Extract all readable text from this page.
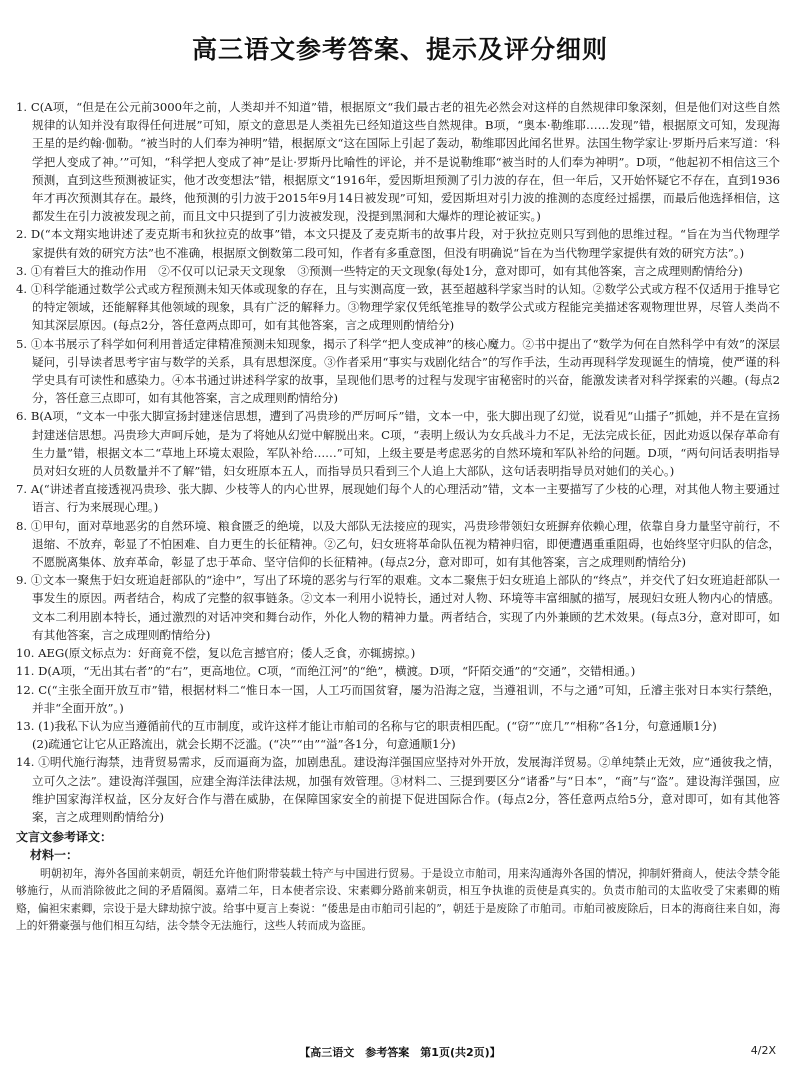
高三语文参考答案、提示及评分细则

1. C(A项，“但是在公元前3000年之前，人类却并不知道”错，根据原文“我们最古老的祖先必然会对这样的自然规律印象深刻，但是他们对这些自然规律的认知并没有取得任何进展”可知，原文的意思是人类祖先已经知道这些自然规律。B项，“奥本·勒维耶……发现”错，根据原文可知，发现海王星的是约翰·伽勒。“被当时的人们奉为神明”错，根据原文“这在国际上引起了轰动，勒维耶因此闻名世界。法国生物学家让·罗斯丹后来写道：‘科学把人变成了神。’”可知，“科学把人变成了神”是让·罗斯丹比喻性的评论，并不是说勒维耶“被当时的人们奉为神明”。D项，“他起初不相信这三个预测，直到这些预测被证实，他才改变想法”错，根据原文“1916年，爱因斯坦预测了引力波的存在，但一年后，又开始怀疑它不存在，直到1936年才再次预测其存在。最终，他预测的引力波于2015年9月14日被发现”可知，爱因斯坦对引力波的推测的态度经过摇摆，而最后他选择相信，这都发生在引力波被发现之前，而且文中只提到了引力波被发现，没提到黑洞和大爆炸的理论被证实。)

2. D(“本文翔实地讲述了麦克斯韦和狄拉克的故事”错，本文只提及了麦克斯韦的故事片段，对于狄拉克则只写到他的思维过程。“旨在为当代物理学家提供有效的研究方法”也不准确，根据原文倒数第二段可知，作者有多重意图，但没有明确说“旨在为当代物理学家提供有效的研究方法”。)

3. ①有着巨大的推动作用　②不仅可以记录天文现象　③预测一些特定的天文现象(每处1分，意对即可，如有其他答案，言之成理则酌情给分)

4. ①科学能通过数学公式或方程预测未知天体或现象的存在，且与实测高度一致，甚至超越科学家当时的认知。②数学公式或方程不仅适用于推导它的特定领域，还能解释其他领域的现象，具有广泛的解释力。③物理学家仅凭纸笔推导的数学公式或方程能完美描述客观物理世界，尽管人类尚不知其深层原因。(每点2分，答任意两点即可，如有其他答案，言之成理则酌情给分)

5. ①本书展示了科学如何利用普适定律精准预测未知现象，揭示了科学“把人变成神”的核心魔力。②书中提出了“数学为何在自然科学中有效”的深层疑问，引导读者思考宇宙与数学的关系，具有思想深度。③作者采用“事实与戏剧化结合”的写作手法，生动再现科学发现诞生的情境，使严谨的科学史具有可读性和感染力。④本书通过讲述科学家的故事，呈现他们思考的过程与发现宇宙秘密时的兴奋，能激发读者对科学探索的兴趣。(每点2分，答任意三点即可，如有其他答案，言之成理则酌情给分)

6. B(A项，“文本一中张大脚宣扬封建迷信思想，遭到了冯贵珍的严厉呵斥”错，文本一中，张大脚出现了幻觉，说看见“山擂子”抓她，并不是在宣扬封建迷信思想。冯贵珍大声呵斥她，是为了将她从幻觉中解脱出来。C项，“表明上级认为女兵战斗力不足，无法完成长征，因此劝返以保存革命有生力量”错，根据文本二“草地上环境太艰险，军队补给……”可知，上级主要是考虑恶劣的自然环境和军队补给的问题。D项，“两句问话表明指导员对妇女班的人员数量并不了解”错，妇女班原本五人，而指导员只看到三个人追上大部队，这句话表明指导员对她们的关心。)

7. A(“讲述者直接透视冯贵珍、张大脚、少枝等人的内心世界，展现她们每个人的心理活动”错，文本一主要描写了少枝的心理，对其他人物主要通过语言、行为来展现心理。)

8. ①甲句，面对草地恶劣的自然环境、粮食匮乏的绝境，以及大部队无法接应的现实，冯贵珍带领妇女班摒弃依赖心理，依靠自身力量坚守前行，不退缩、不放弃，彰显了不怕困难、自力更生的长征精神。②乙句，妇女班将革命队伍视为精神归宿，即便遭遇重重阻碍，也始终坚守归队的信念，不愿脱离集体、放弃革命，彰显了忠于革命、坚守信仰的长征精神。(每点2分，意对即可，如有其他答案，言之成理则酌情给分)

9. ①文本一聚焦于妇女班追赶部队的“途中”，写出了环境的恶劣与行军的艰难。文本二聚焦于妇女班追上部队的“终点”，并交代了妇女班追赶部队一事发生的原因。两者结合，构成了完整的叙事链条。②文本一利用小说特长，通过对人物、环境等丰富细腻的描写，展现妇女班人物内心的情感。文本二利用剧本特长，通过激烈的对话冲突和舞台动作，外化人物的精神力量。两者结合，实现了内外兼顾的艺术效果。(每点3分，意对即可，如有其他答案，言之成理则酌情给分)

10. AEG(原文标点为：好商竟不偿，复以危言撼官府；倭人乏食，亦辄掳掠。)

11. D(A项，“无出其右者”的“右”，更高地位。C项，“而绝江河”的“绝”，横渡。D项，“阡陌交通”的“交通”，交错相通。)

12. C(“主张全面开放互市”错，根据材料二“惟日本一国，人工巧而国贫窘，屡为沿海之寇，当遵祖训，不与之通”可知，丘濬主张对日本实行禁绝，并非“全面开放”。)

13. (1)我私下认为应当遵循前代的互市制度，或许这样才能让市舶司的名称与它的职责相匹配。(“窃”“庶几”“相称”各1分，句意通顺1分)

(2)疏通它让它从正路流出，就会长期不泛滥。(“决”“由”“溢”各1分，句意通顺1分)

14. ①明代施行海禁，违背贸易需求，反而逼商为盗，加剧患乱。建设海洋强国应坚持对外开放，发展海洋贸易。②单纯禁止无效，应“通彼我之情，立可久之法”。建设海洋强国，应建全海洋法律法规，加强有效管理。③材料二、三提到要区分“诸番”与“日本”，“商”与“盗”。建设海洋强国，应维护国家海洋权益，区分友好合作与潜在威胁，在保障国家安全的前提下促进国际合作。(每点2分，答任意两点给5分，意对即可，如有其他答案，言之成理则酌情给分)

文言文参考译文：

材料一：

明朝初年，海外各国前来朝贡，朝廷允许他们附带装载土特产与中国进行贸易。于是设立市舶司，用来沟通海外各国的情况，抑制奸猾商人，使法令禁令能够施行，从而消除彼此之间的矛盾隔阂。嘉靖二年，日本使者宗设、宋素卿分路前来朝贡，相互争执谁的贡使是真实的。负责市舶司的太监收受了宋素卿的贿赂，偏袒宋素卿，宗设于是大肆劫掠宁波。给事中夏言上奏说：“倭患是由市舶司引起的”，朝廷于是废除了市舶司。市舶司被废除后，日本的海商往来自如，海上的奸猾豪强与他们相互勾结，法令禁令无法施行，这些人转而成为盗匪。

【高三语文　参考答案　第1页(共2页)】	4/2X
